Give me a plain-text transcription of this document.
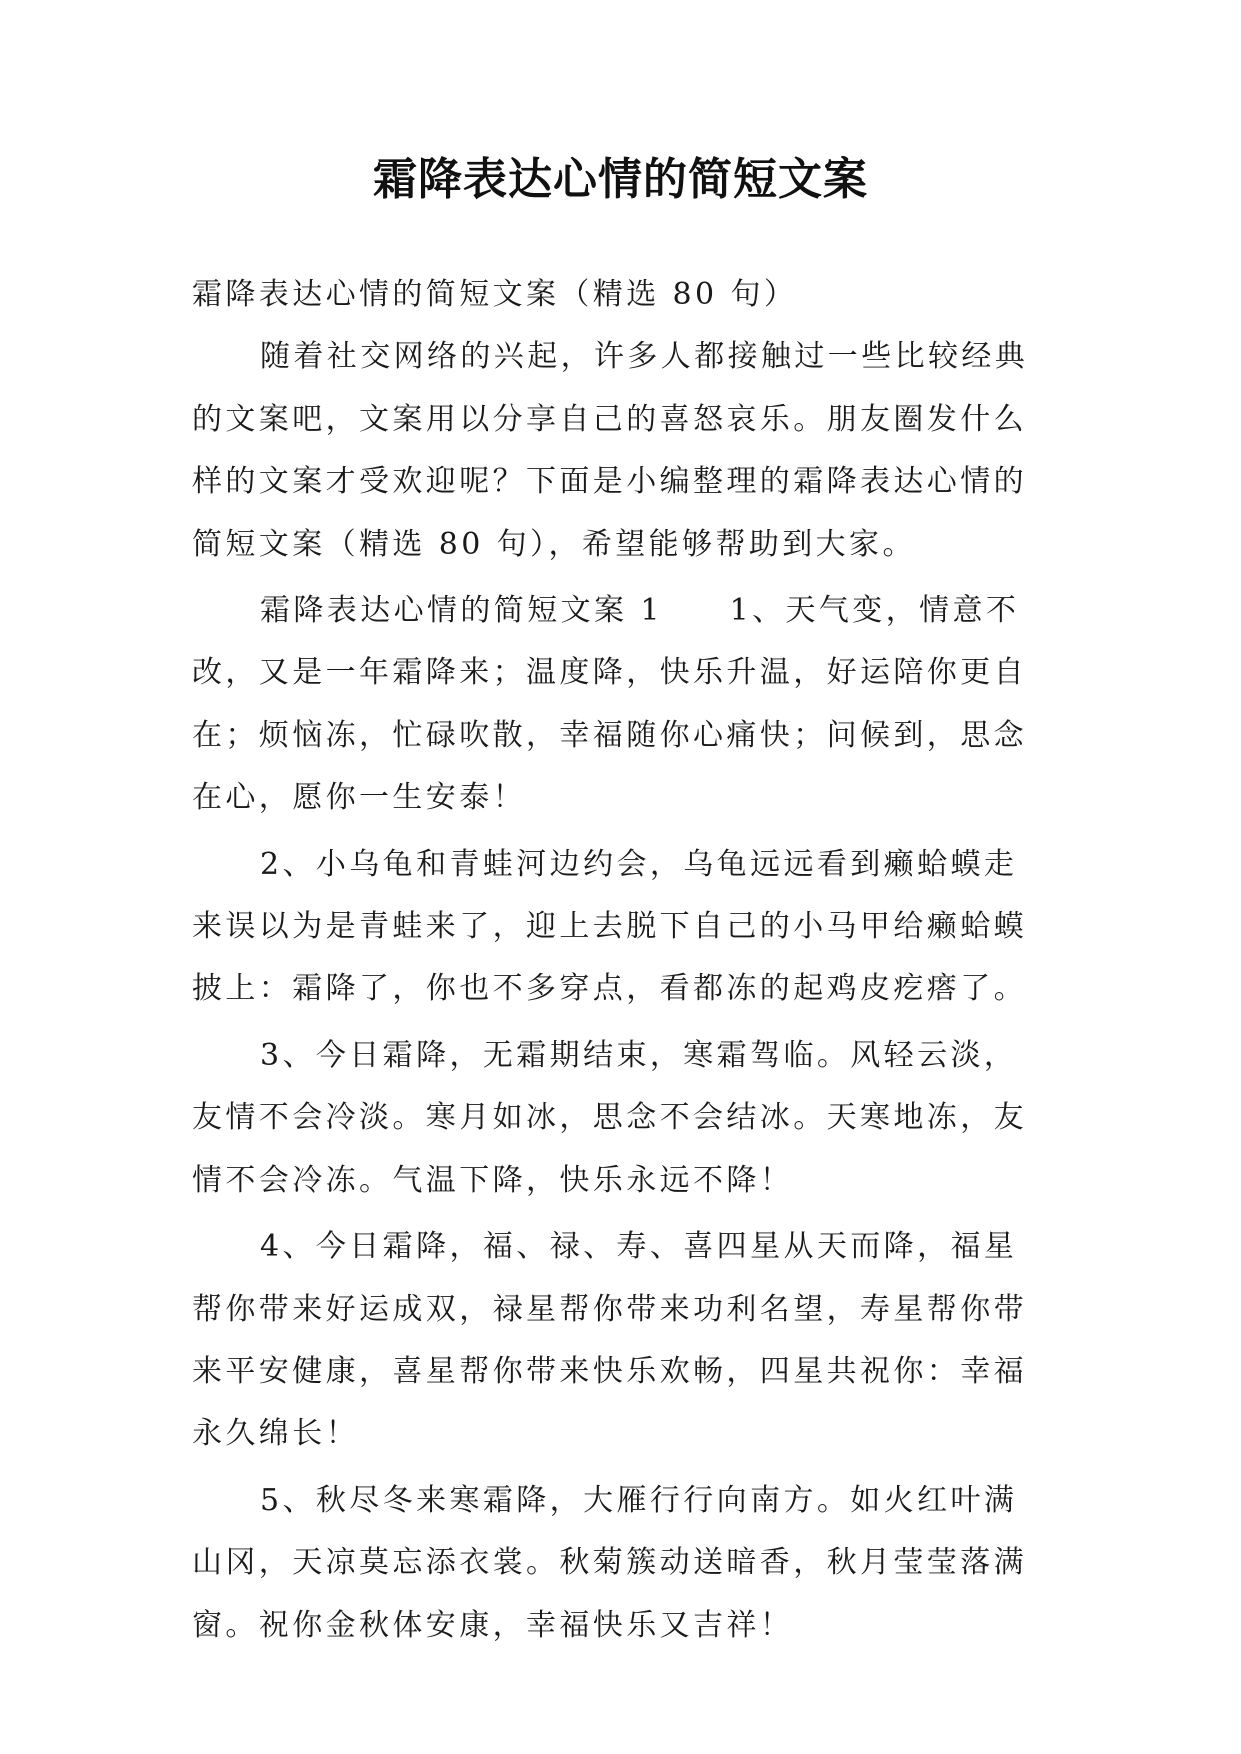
霜降表达心情的简短文案

霜降表达心情的简短文案（精选 80 句）

随着社交网络的兴起，许多人都接触过一些比较经典的文案吧，文案用以分享自己的喜怒哀乐。朋友圈发什么样的文案才受欢迎呢？下面是小编整理的霜降表达心情的简短文案（精选 80 句），希望能够帮助到大家。

霜降表达心情的简短文案 1　　1、天气变，情意不改，又是一年霜降来；温度降，快乐升温，好运陪你更自在；烦恼冻，忙碌吹散，幸福随你心痛快；问候到，思念在心，愿你一生安泰！

2、小乌龟和青蛙河边约会，乌龟远远看到癞蛤蟆走来误以为是青蛙来了，迎上去脱下自己的小马甲给癞蛤蟆披上：霜降了，你也不多穿点，看都冻的起鸡皮疙瘩了。

3、今日霜降，无霜期结束，寒霜驾临。风轻云淡，友情不会冷淡。寒月如冰，思念不会结冰。天寒地冻，友情不会冷冻。气温下降，快乐永远不降！

4、今日霜降，福、禄、寿、喜四星从天而降，福星帮你带来好运成双，禄星帮你带来功利名望，寿星帮你带来平安健康，喜星帮你带来快乐欢畅，四星共祝你：幸福永久绵长！

5、秋尽冬来寒霜降，大雁行行向南方。如火红叶满山冈，天凉莫忘添衣裳。秋菊簇动送暗香，秋月莹莹落满窗。祝你金秋体安康，幸福快乐又吉祥！
